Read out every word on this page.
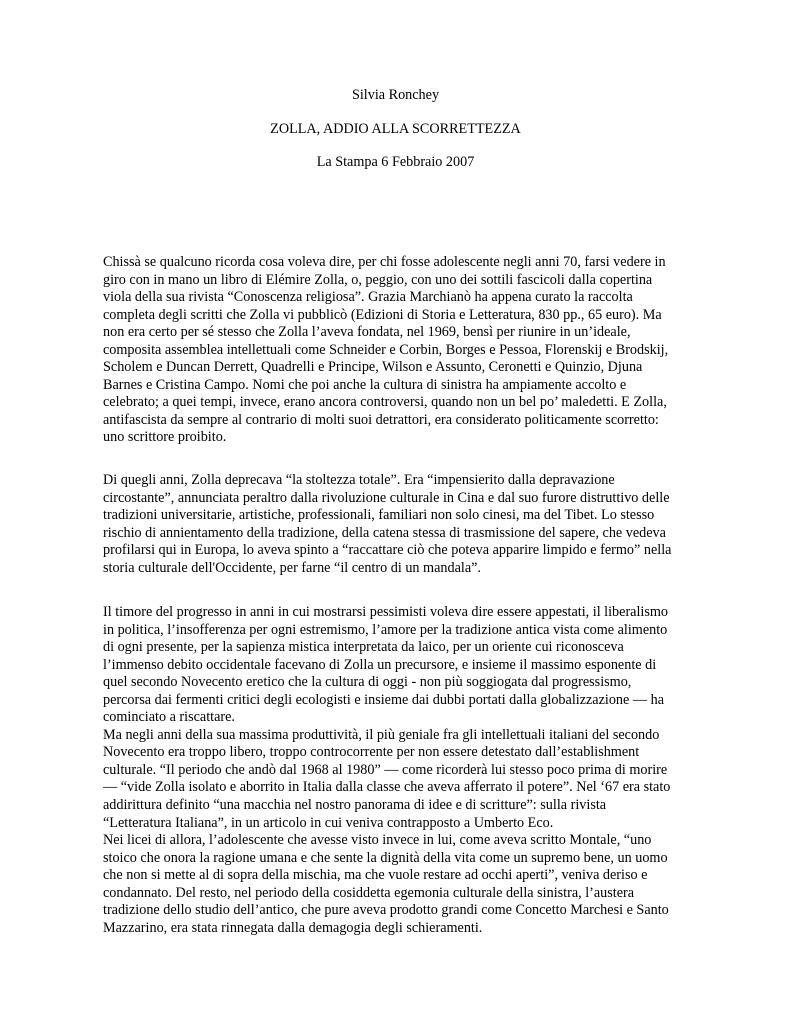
Silvia Ronchey

ZOLLA, ADDIO ALLA SCORRETTEZZA

La Stampa 6 Febbraio 2007

Chissà se qualcuno ricorda cosa voleva dire, per chi fosse adolescente negli anni 70, farsi vedere in
giro con in mano un libro di Elémire Zolla, o, peggio, con uno dei sottili fascicoli dalla copertina
viola della sua rivista “Conoscenza religiosa”. Grazia Marchianò ha appena curato la raccolta
completa degli scritti che Zolla vi pubblicò (Edizioni di Storia e Letteratura, 830 pp., 65 euro). Ma
non era certo per sé stesso che Zolla l’aveva fondata, nel 1969, bensì per riunire in un’ideale,
composita assemblea intellettuali come Schneider e Corbin, Borges e Pessoa, Florenskij e Brodskij,
Scholem e Duncan Derrett, Quadrelli e Principe, Wilson e Assunto, Ceronetti e Quinzio, Djuna
Barnes e Cristina Campo. Nomi che poi anche la cultura di sinistra ha ampiamente accolto e
celebrato; a quei tempi, invece, erano ancora controversi, quando non un bel po’ maledetti. E Zolla,
antifascista da sempre al contrario di molti suoi detrattori, era considerato politicamente scorretto:
uno scrittore proibito.
Di quegli anni, Zolla deprecava “la stoltezza totale”. Era “impensierito dalla depravazione
circostante”, annunciata peraltro dalla rivoluzione culturale in Cina e dal suo furore distruttivo delle
tradizioni universitarie, artistiche, professionali, familiari non solo cinesi, ma del Tibet. Lo stesso
rischio di annientamento della tradizione, della catena stessa di trasmissione del sapere, che vedeva
profilarsi qui in Europa, lo aveva spinto a “raccattare ciò che poteva apparire limpido e fermo” nella
storia culturale dell'Occidente, per farne “il centro di un mandala”.
Il timore del progresso in anni in cui mostrarsi pessimisti voleva dire essere appestati, il liberalismo
in politica, l’insofferenza per ogni estremismo, l’amore per la tradizione antica vista come alimento
di ogni presente, per la sapienza mistica interpretata da laico, per un oriente cui riconosceva
l’immenso debito occidentale facevano di Zolla un precursore, e insieme il massimo esponente di
quel secondo Novecento eretico che la cultura di oggi - non più soggiogata dal progressismo,
percorsa dai fermenti critici degli ecologisti e insieme dai dubbi portati dalla globalizzazione — ha
cominciato a riscattare.
Ma negli anni della sua massima produttività, il più geniale fra gli intellettuali italiani del secondo
Novecento era troppo libero, troppo controcorrente per non essere detestato dall’establishment
culturale. “Il periodo che andò dal 1968 al 1980” — come ricorderà lui stesso poco prima di morire
— “vide Zolla isolato e aborrito in Italia dalla classe che aveva afferrato il potere”. Nel ‘67 era stato
addirittura definito “una macchia nel nostro panorama di idee e di scritture”: sulla rivista
“Letteratura Italiana”, in un articolo in cui veniva contrapposto a Umberto Eco.
Nei licei di allora, l’adolescente che avesse visto invece in lui, come aveva scritto Montale, “uno
stoico che onora la ragione umana e che sente la dignità della vita come un supremo bene, un uomo
che non si mette al di sopra della mischia, ma che vuole restare ad occhi aperti”, veniva deriso e
condannato. Del resto, nel periodo della cosiddetta egemonia culturale della sinistra, l’austera
tradizione dello studio dell’antico, che pure aveva prodotto grandi come Concetto Marchesi e Santo
Mazzarino, era stata rinnegata dalla demagogia degli schieramenti.
